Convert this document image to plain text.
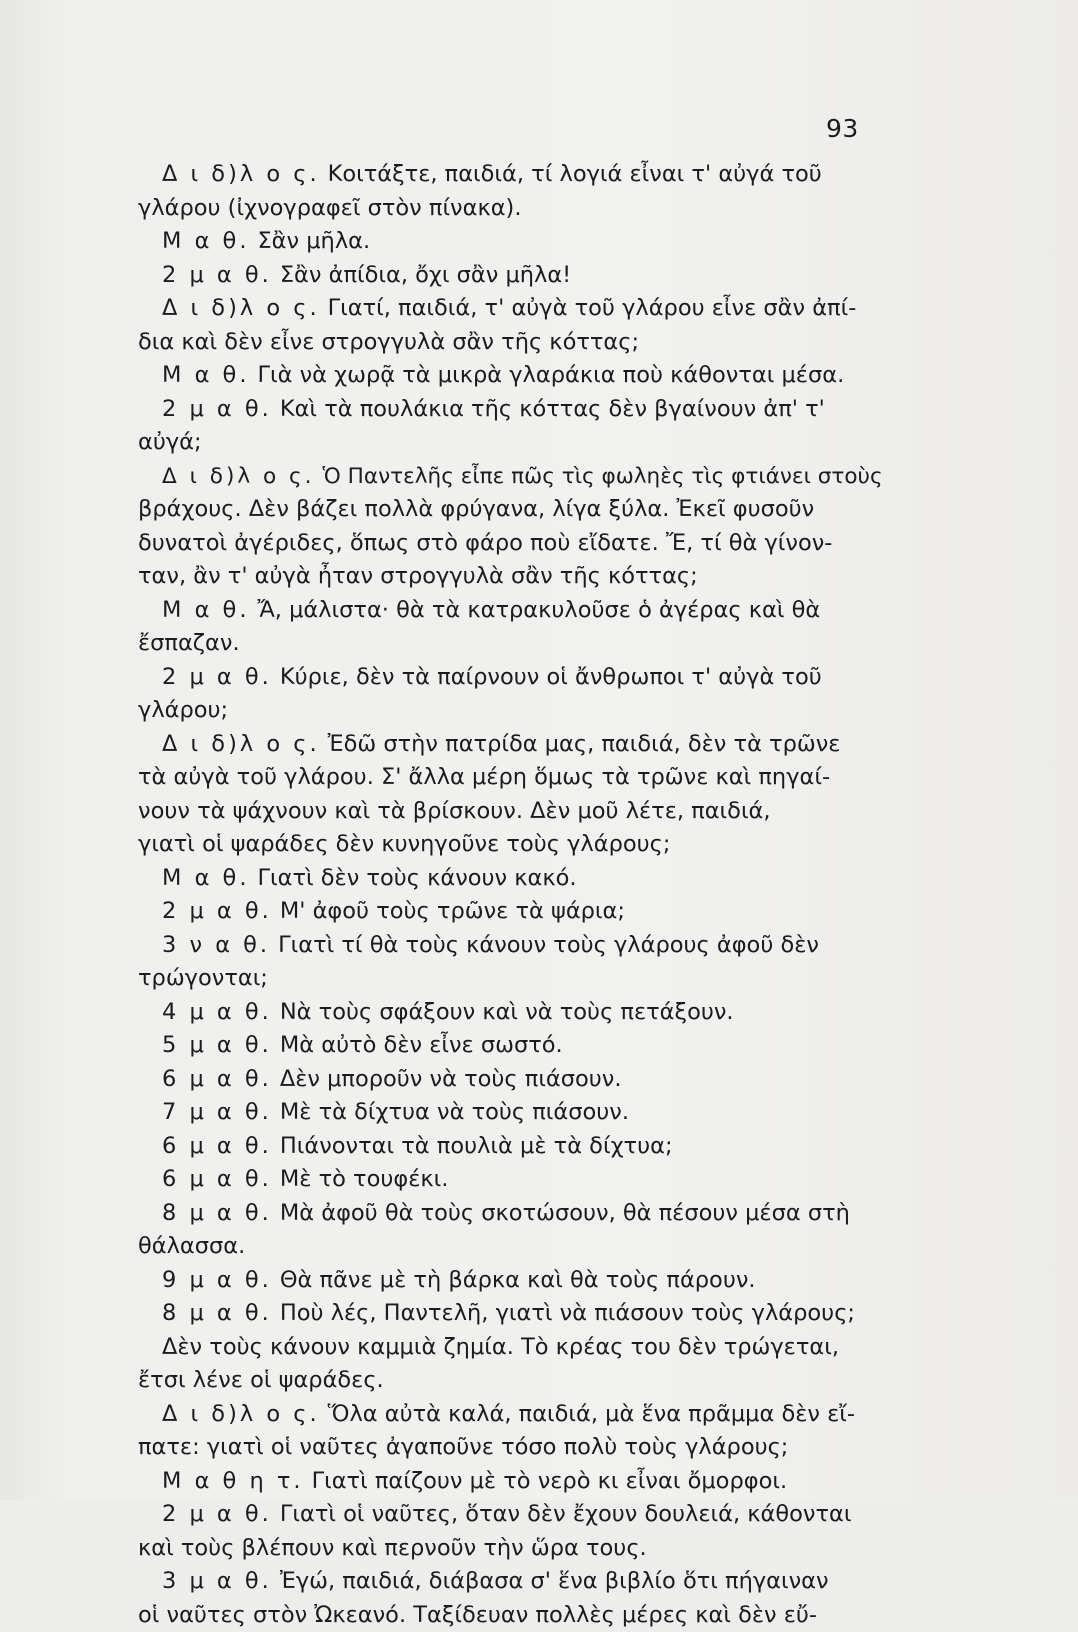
93
Δ ι δ)λ ο ς. Κοιτάξτε, παιδιά, τί λογιά εἶναι τ' αὐγά τοῦ
γλάρου (ἰχνογραφεῖ στὸν πίνακα).
Μ α θ. Σἂν μῆλα.
2 μ α θ. Σἂν ἀπίδια, ὄχι σἂν μῆλα!
Δ ι δ)λ ο ς. Γιατί, παιδιά, τ' αὐγὰ τοῦ γλάρου εἶνε σἂν ἀπί-
δια καὶ δὲν εἶνε στρογγυλὰ σἂν τῆς κόττας;
Μ α θ. Γιὰ νὰ χωρᾷ τὰ μικρὰ γλαράκια ποὺ κάθονται μέσα.
2 μ α θ. Καὶ τὰ πουλάκια τῆς κόττας δὲν βγαίνουν ἀπ' τ'
αὐγά;
Δ ι δ)λ ο ς. Ὁ Παντελῆς εἶπε πῶς τὶς φωληὲς τὶς φτιάνει στοὺς
βράχους. Δὲν βάζει πολλὰ φρύγανα, λίγα ξύλα. Ἐκεῖ φυσοῦν
δυνατοὶ ἀγέριδες, ὅπως στὸ φάρο ποὺ εἴδατε. Ἔ, τί θὰ γίνον-
ταν, ἂν τ' αὐγὰ ἦταν στρογγυλὰ σἂν τῆς κόττας;
Μ α θ. Ἄ, μάλιστα· θὰ τὰ κατρακυλοῦσε ὁ ἀγέρας καὶ θὰ
ἔσπαζαν.
2 μ α θ. Κύριε, δὲν τὰ παίρνουν οἱ ἄνθρωποι τ' αὐγὰ τοῦ
γλάρου;
Δ ι δ)λ ο ς. Ἐδῶ στὴν πατρίδα μας, παιδιά, δὲν τὰ τρῶνε
τὰ αὐγὰ τοῦ γλάρου. Σ' ἄλλα μέρη ὅμως τὰ τρῶνε καὶ πηγαί-
νουν τὰ ψάχνουν καὶ τὰ βρίσκουν. Δὲν μοῦ λέτε, παιδιά,
γιατὶ οἱ ψαράδες δὲν κυνηγοῦνε τοὺς γλάρους;
Μ α θ. Γιατὶ δὲν τοὺς κάνουν κακό.
2 μ α θ. Μ' ἀφοῦ τοὺς τρῶνε τὰ ψάρια;
3 ν α θ. Γιατὶ τί θὰ τοὺς κάνουν τοὺς γλάρους ἀφοῦ δὲν
τρώγονται;
4 μ α θ. Νὰ τοὺς σφάξουν καὶ νὰ τοὺς πετάξουν.
5 μ α θ. Μὰ αὐτὸ δὲν εἶνε σωστό.
6 μ α θ. Δὲν μποροῦν νὰ τοὺς πιάσουν.
7 μ α θ. Μὲ τὰ δίχτυα νὰ τοὺς πιάσουν.
6 μ α θ. Πιάνονται τὰ πουλιὰ μὲ τὰ δίχτυα;
6 μ α θ. Μὲ τὸ τουφέκι.
8 μ α θ. Μὰ ἀφοῦ θὰ τοὺς σκοτώσουν, θὰ πέσουν μέσα στὴ
θάλασσα.
9 μ α θ. Θὰ πᾶνε μὲ τὴ βάρκα καὶ θὰ τοὺς πάρουν.
8 μ α θ. Ποὺ λές, Παντελῆ, γιατὶ νὰ πιάσουν τοὺς γλάρους;
Δὲν τοὺς κάνουν καμμιὰ ζημία. Τὸ κρέας του δὲν τρώγεται,
ἔτσι λένε οἱ ψαράδες.
Δ ι δ)λ ο ς. Ὅλα αὐτὰ καλά, παιδιά, μὰ ἕνα πρᾶμμα δὲν εἴ-
πατε: γιατὶ οἱ ναῦτες ἀγαποῦνε τόσο πολὺ τοὺς γλάρους;
Μ α θ η τ. Γιατὶ παίζουν μὲ τὸ νερὸ κι εἶναι ὄμορφοι.
2 μ α θ. Γιατὶ οἱ ναῦτες, ὅταν δὲν ἔχουν δουλειά, κάθονται
καὶ τοὺς βλέπουν καὶ περνοῦν τὴν ὥρα τους.
3 μ α θ. Ἐγώ, παιδιά, διάβασα σ' ἕνα βιβλίο ὅτι πήγαιναν
οἱ ναῦτες στὸν Ὠκεανό. Ταξίδευαν πολλὲς μέρες καὶ δὲν εὔ-
